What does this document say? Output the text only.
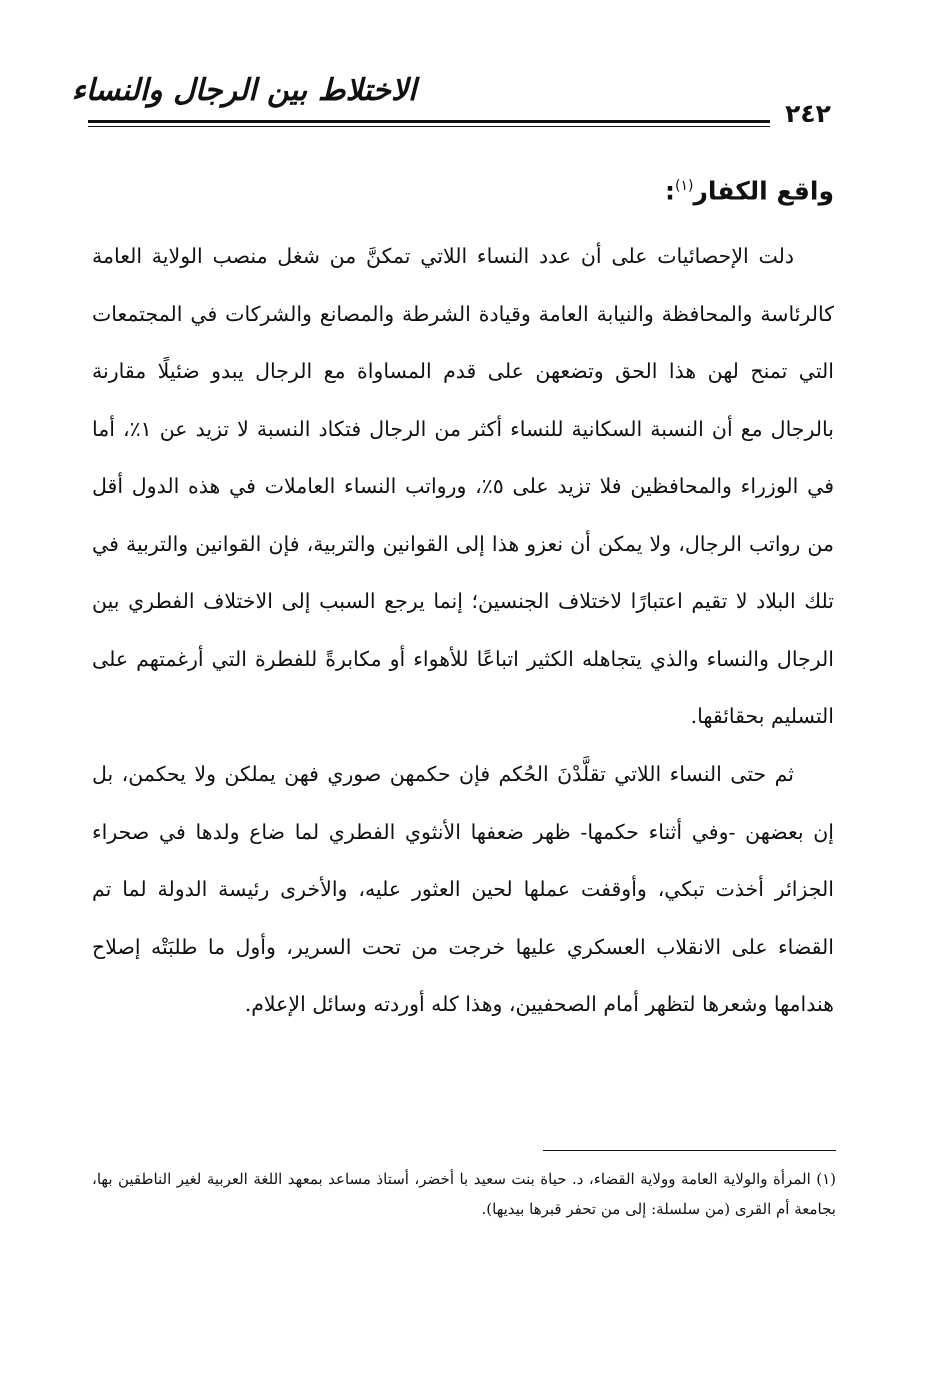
الاختلاط بين الرجال والنساء
٢٤٢
واقع الكفار$^{(١)}$:

دلت الإحصائيات على أن عدد النساء اللاتي تمكنَّ من شغل منصب الولاية العامة كالرئاسة والمحافظة والنيابة العامة وقيادة الشرطة والمصانع والشركات في المجتمعات التي تمنح لهن هذا الحق وتضعهن على قدم المساواة مع الرجال يبدو ضئيلًا مقارنة بالرجال مع أن النسبة السكانية للنساء أكثر من الرجال فتكاد النسبة لا تزيد عن ١٪، أما في الوزراء والمحافظين فلا تزيد على ٥٪، ورواتب النساء العاملات في هذه الدول أقل من رواتب الرجال، ولا يمكن أن نعزو هذا إلى القوانين والتربية، فإن القوانين والتربية في تلك البلاد لا تقيم اعتبارًا لاختلاف الجنسين؛ إنما يرجع السبب إلى الاختلاف الفطري بين الرجال والنساء والذي يتجاهله الكثير اتباعًا للأهواء أو مكابرةً للفطرة التي أرغمتهم على التسليم بحقائقها.

ثم حتى النساء اللاتي تقلَّدْنَ الحُكم فإن حكمهن صوري فهن يملكن ولا يحكمن، بل إن بعضهن -وفي أثناء حكمها- ظهر ضعفها الأنثوي الفطري لما ضاع ولدها في صحراء الجزائر أخذت تبكي، وأوقفت عملها لحين العثور عليه، والأخرى رئيسة الدولة لما تم القضاء على الانقلاب العسكري عليها خرجت من تحت السرير، وأول ما طلبَتْه إصلاح هندامها وشعرها لتظهر أمام الصحفيين، وهذا كله أوردته وسائل الإعلام.

(١) المرأة والولاية العامة وولاية القضاء، د. حياة بنت سعيد با أخضر، أستاذ مساعد بمعهد اللغة العربية لغير الناطقين بها، بجامعة أم القرى (من سلسلة: إلى من تحفر قبرها بيديها).
